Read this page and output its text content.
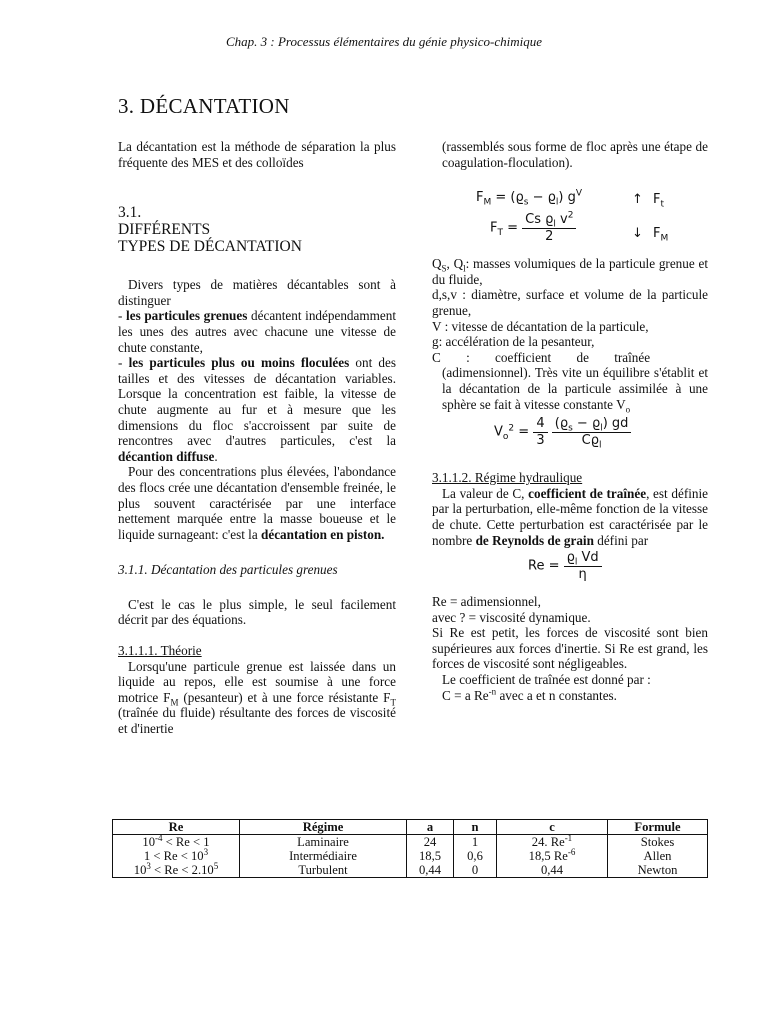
Chap. 3 : Processus élémentaires du génie physico-chimique
3. DÉCANTATION

La décantation est la méthode de séparation la plus fréquente des MES et des colloïdes

3.1.
DIFFÉRENTS
TYPES DE DÉCANTATION

Divers types de matières décantables sont à distinguer

- les particules grenues décantent indépendamment les unes des autres avec chacune une vitesse de chute constante,

- les particules plus ou moins floculées ont des tailles et des vitesses de décantation variables. Lorsque la concentration est faible, la vitesse de chute augmente au fur et à mesure que les dimensions du floc s'accroissent par suite de rencontres avec d'autres particules, c'est la décantion diffuse.

Pour des concentrations plus élevées, l'abondance des flocs crée une décantation d'ensemble freinée, le plus souvent caractérisée par une interface nettement marquée entre la masse boueuse et le liquide surnageant: c'est la décantation en piston.

3.1.1. Décantation des particules grenues

C'est le cas le plus simple, le seul facilement décrit par des équations.

3.1.1.1. Théorie

Lorsqu'une particule grenue est laissée dans un liquide au repos, elle est soumise à une force motrice $F_M$ (pesanteur) et à une force résistante $F_T$ (traînée du fluide) résultante des forces de viscosité et d'inertie

(rassemblés sous forme de floc après une étape de coagulation-floculation).

$F_M = (ϱ_s - ϱ_l)$ $g^V$
$F_T = \frac{Cs ϱ_l v^2}{2}$
↑ $F_t$
↓ $F_M$

$Q_S$, $Q_l$: masses volumiques de la particule grenue et du fluide,

d,s,v : diamètre, surface et volume de la particule grenue,

V : vitesse de décantation de la particule,

g: accélération de la pesanteur,

C : coefficient de traînée

(adimensionnel). Très vite un équilibre s'établit et la décantation de la particule assimilée à une sphère se fait à vitesse constante $V_o$

$V_o^2 = \frac{4}{3}$
$\frac{(ϱ_s - ϱ_l) gd}{Cϱ_l}$

3.1.1.2. Régime hydraulique

La valeur de C, coefficient de traînée, est définie par la perturbation, elle-même fonction de la vitesse de chute. Cette perturbation est caractérisée par le nombre de Reynolds de grain défini par

$Re = \frac{ϱ_l Vd}{\eta}$

Re = adimensionnel,

avec ? = viscosité dynamique.

Si Re est petit, les forces de viscosité sont bien supérieures aux forces d'inertie. Si Re est grand, les forces de viscosité sont négligeables.

Le coefficient de traînée est donné par :

C = a $Re^{-n}$ avec a et n constantes.

Re	Régime	a	n	c	Formule
$10^{-4} < Re < 1$	Laminaire	24	1	24. $Re^{-1}$	Stokes
$1 < Re < 10^3$	Intermédiaire	18,5	0,6	18,5 $Re^{-6}$	Allen
$10^3 < Re < 2.10^5$	Turbulent	0,44	0	0,44	Newton
